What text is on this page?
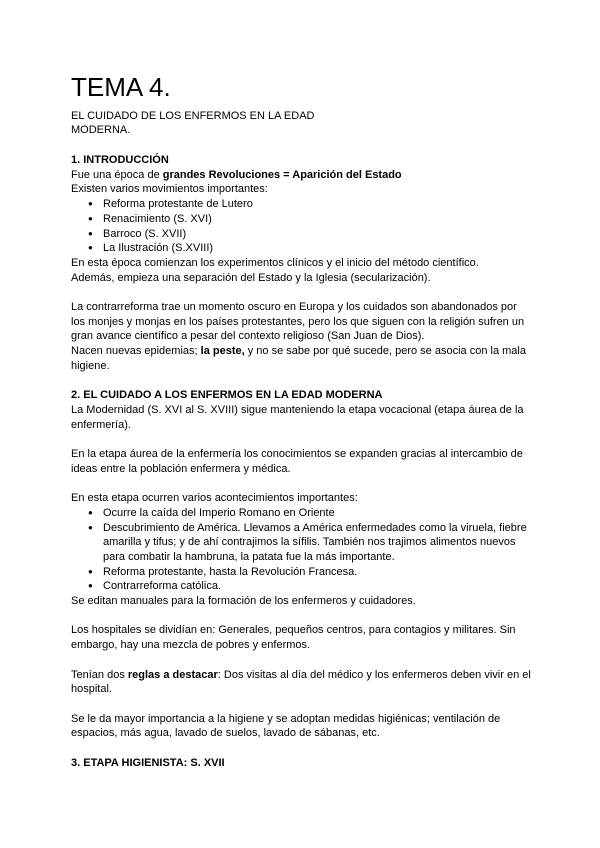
TEMA 4.

EL CUIDADO DE LOS ENFERMOS EN LA EDAD MODERNA.

1. INTRODUCCIÓN

Fue una época de grandes Revoluciones = Aparición del Estado

Existen varios movimientos importantes:

● Reforma protestante de Lutero
● Renacimiento (S. XVI)
● Barroco (S. XVII)
● La Ilustración (S.XVIII)

En esta época comienzan los experimentos clínicos y el inicio del método científico.

Además, empieza una separación del Estado y la Iglesia (secularización).

La contrarreforma trae un momento oscuro en Europa y los cuidados son abandonados por los monjes y monjas en los países protestantes, pero los que siguen con la religión sufren un gran avance científico a pesar del contexto religioso (San Juan de Dios).

Nacen nuevas epidemias; la peste, y no se sabe por qué sucede, pero se asocia con la mala higiene.

2. EL CUIDADO A LOS ENFERMOS EN LA EDAD MODERNA

La Modernidad (S. XVI al S. XVIII) sigue manteniendo la etapa vocacional (etapa áurea de la enfermería).

En la etapa áurea de la enfermería los conocimientos se expanden gracias al intercambio de ideas entre la población enfermera y médica.

En esta etapa ocurren varios acontecimientos importantes:

● Ocurre la caída del Imperio Romano en Oriente
● Descubrimiento de América. Llevamos a América enfermedades como la viruela, fiebre amarilla y tifus; y de ahí contrajimos la sífilis. También nos trajimos alimentos nuevos para combatir la hambruna, la patata fue la más importante.
● Reforma protestante, hasta la Revolución Francesa.
● Contrarreforma católica.

Se editan manuales para la formación de los enfermeros y cuidadores.

Los hospitales se dividían en: Generales, pequeños centros, para contagios y militares. Sin embargo, hay una mezcla de pobres y enfermos.

Tenían dos reglas a destacar: Dos visitas al día del médico y los enfermeros deben vivir en el hospital.

Se le da mayor importancia a la higiene y se adoptan medidas higiénicas; ventilación de espacios, más agua, lavado de suelos, lavado de sábanas, etc.

3. ETAPA HIGIENISTA: S. XVII
